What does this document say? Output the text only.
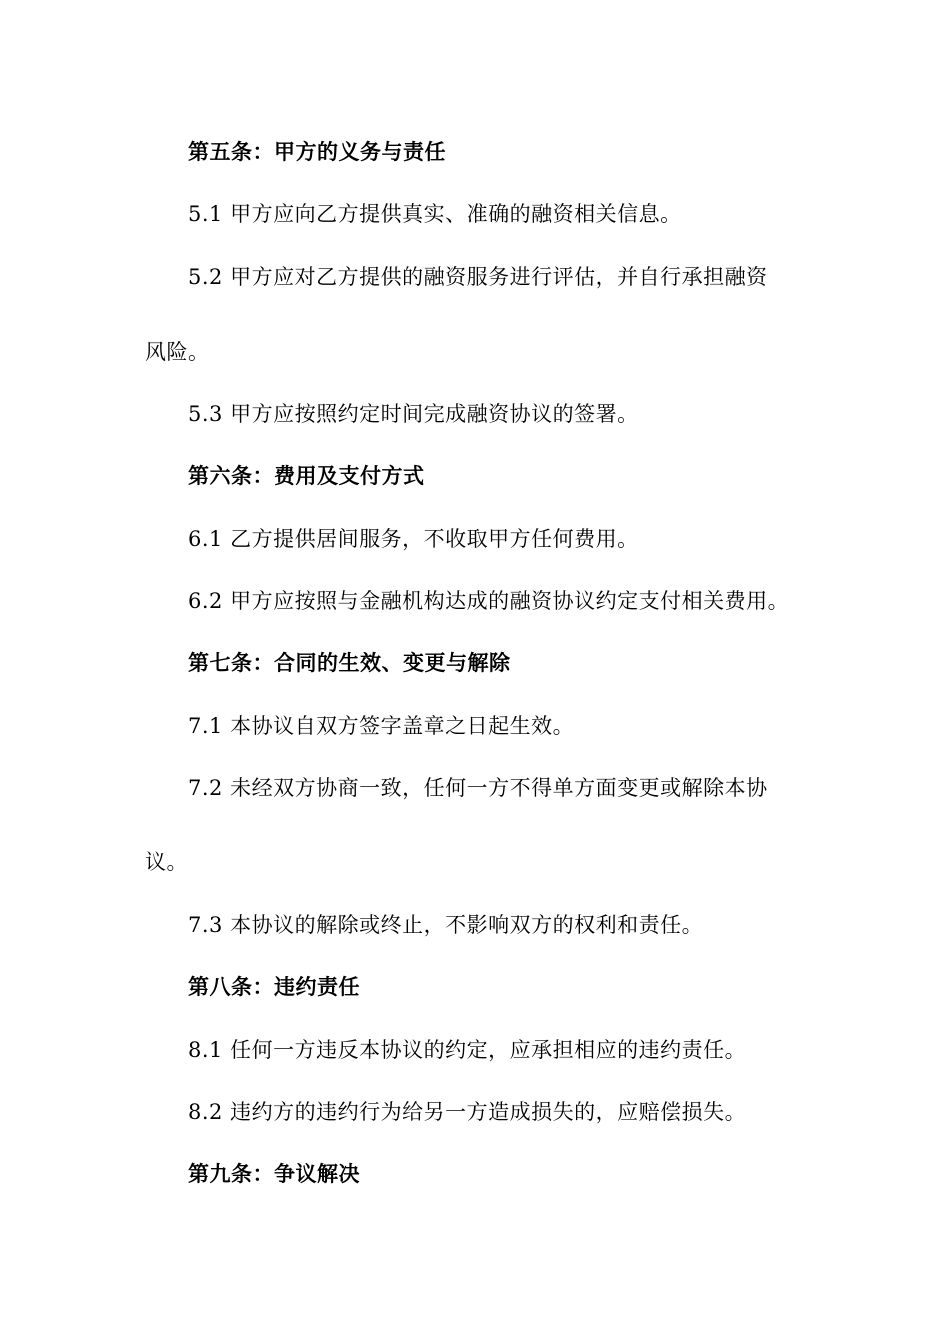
第五条：甲方的义务与责任
5.1 甲方应向乙方提供真实、准确的融资相关信息。
5.2 甲方应对乙方提供的融资服务进行评估，并自行承担融资
风险。
5.3 甲方应按照约定时间完成融资协议的签署。
第六条：费用及支付方式
6.1 乙方提供居间服务，不收取甲方任何费用。
6.2 甲方应按照与金融机构达成的融资协议约定支付相关费用。
第七条：合同的生效、变更与解除
7.1 本协议自双方签字盖章之日起生效。
7.2 未经双方协商一致，任何一方不得单方面变更或解除本协
议。
7.3 本协议的解除或终止，不影响双方的权利和责任。
第八条：违约责任
8.1 任何一方违反本协议的约定，应承担相应的违约责任。
8.2 违约方的违约行为给另一方造成损失的，应赔偿损失。
第九条：争议解决
